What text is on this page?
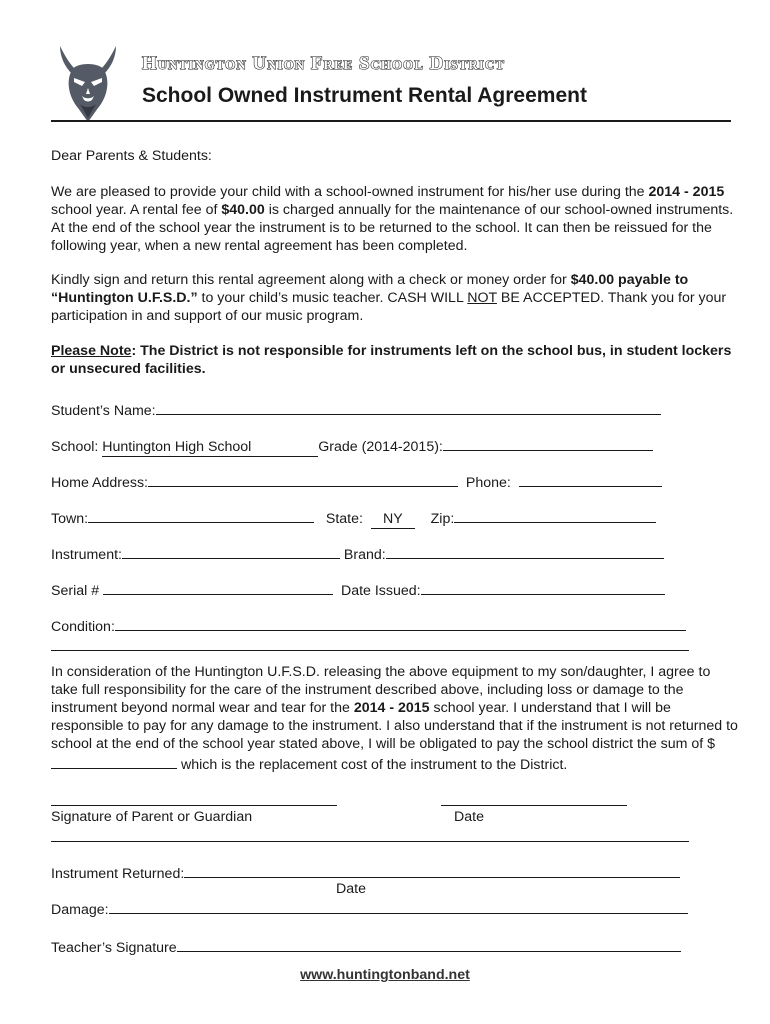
Huntington Union Free School District
School Owned Instrument Rental Agreement
Dear Parents & Students:
We are pleased to provide your child with a school-owned instrument for his/her use during the 2014 - 2015 school year. A rental fee of $40.00 is charged annually for the maintenance of our school-owned instruments. At the end of the school year the instrument is to be returned to the school. It can then be reissued for the following year, when a new rental agreement has been completed.
Kindly sign and return this rental agreement along with a check or money order for $40.00 payable to “Huntington U.F.S.D.” to your child’s music teacher. CASH WILL NOT BE ACCEPTED. Thank you for your participation in and support of our music program.
Please Note: The District is not responsible for instruments left on the school bus, in student lockers or unsecured facilities.
Student’s Name:
School: Huntington High School	Grade (2014-2015):
Home Address:	Phone:
Town:	State: NY Zip:
Instrument:	Brand:
Serial #	Date Issued:
Condition:
In consideration of the Huntington U.F.S.D. releasing the above equipment to my son/daughter, I agree to take full responsibility for the care of the instrument described above, including loss or damage to the instrument beyond normal wear and tear for the 2014 - 2015 school year. I understand that I will be responsible to pay for any damage to the instrument. I also understand that if the instrument is not returned to school at the end of the school year stated above, I will be obligated to pay the school district the sum of $ which is the replacement cost of the instrument to the District.
Signature of Parent or Guardian	Date
Instrument Returned:
Date
Damage:
Teacher’s Signature
www.huntingtonband.net
